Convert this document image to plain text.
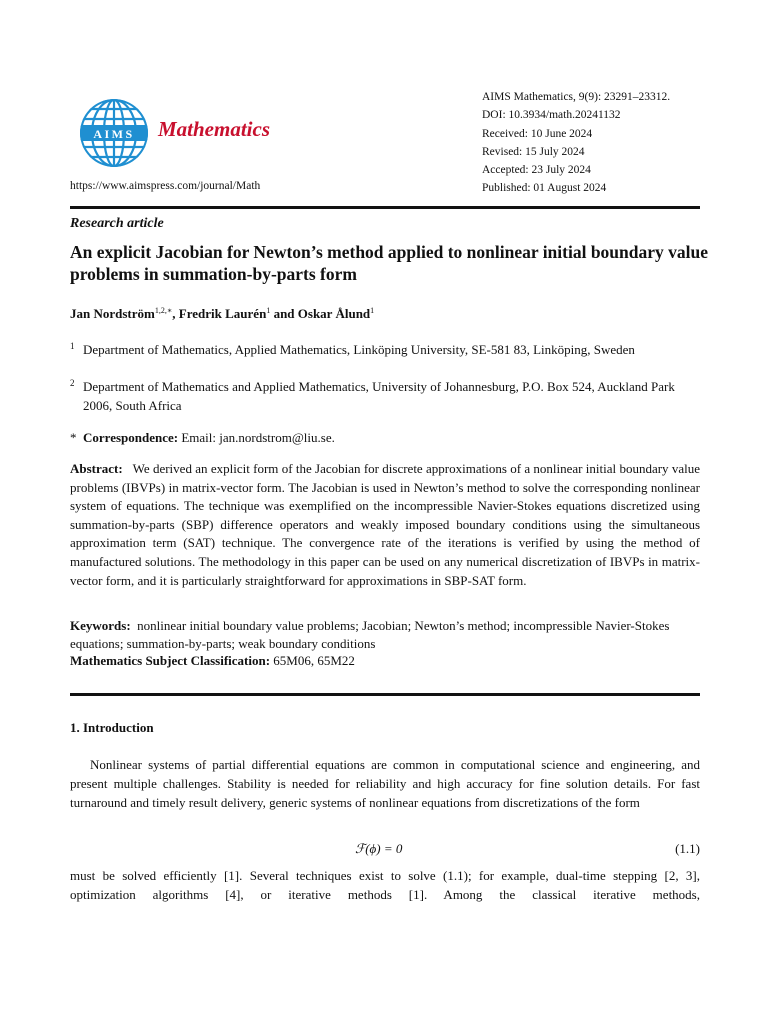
AIMS Mathematics
https://www.aimspress.com/journal/Math
AIMS Mathematics, 9(9): 23291–23312.
DOI: 10.3934/math.20241132
Received: 10 June 2024
Revised: 15 July 2024
Accepted: 23 July 2024
Published: 01 August 2024
Research article
An explicit Jacobian for Newton’s method applied to nonlinear initial boundary value problems in summation-by-parts form
Jan Nordström$^{1,2,∗}$, Fredrik Laurén$^1$ and Oskar Ålund$^1$
1 Department of Mathematics, Applied Mathematics, Linköping University, SE-581 83, Linköping, Sweden
2 Department of Mathematics and Applied Mathematics, University of Johannesburg, P.O. Box 524, Auckland Park 2006, South Africa
* Correspondence: Email: jan.nordstrom@liu.se.
Abstract: We derived an explicit form of the Jacobian for discrete approximations of a nonlinear initial boundary value problems (IBVPs) in matrix-vector form. The Jacobian is used in Newton’s method to solve the corresponding nonlinear system of equations. The technique was exemplified on the incompressible Navier-Stokes equations discretized using summation-by-parts (SBP) difference operators and weakly imposed boundary conditions using the simultaneous approximation term (SAT) technique. The convergence rate of the iterations is verified by using the method of manufactured solutions. The methodology in this paper can be used on any numerical discretization of IBVPs in matrix-vector form, and it is particularly straightforward for approximations in SBP-SAT form.
Keywords: nonlinear initial boundary value problems; Jacobian; Newton’s method; incompressible Navier-Stokes equations; summation-by-parts; weak boundary conditions
Mathematics Subject Classification: 65M06, 65M22
1. Introduction

Nonlinear systems of partial differential equations are common in computational science and engineering, and present multiple challenges. Stability is needed for reliability and high accuracy for fine solution details. For fast turnaround and timely result delivery, generic systems of nonlinear equations from discretizations of the form

ℱ(ϕ) = 0	(1.1)

must be solved efficiently [1]. Several techniques exist to solve (1.1); for example, dual-time stepping [2, 3], optimization algorithms [4], or iterative methods [1]. Among the classical iterative methods,
